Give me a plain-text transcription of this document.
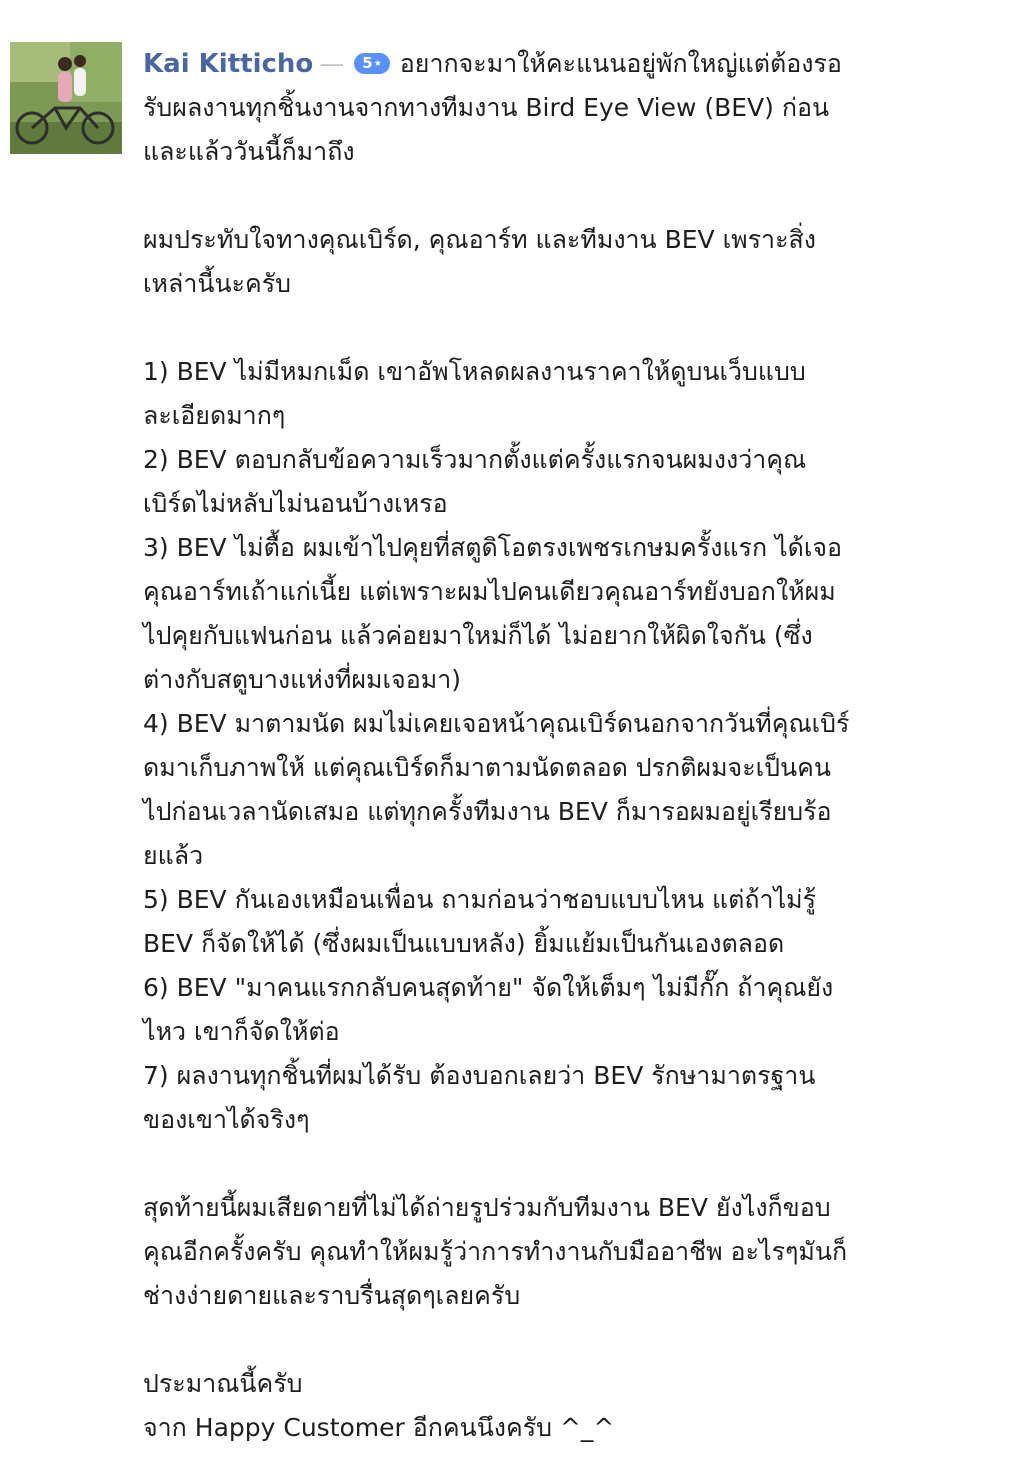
Kai Kitticho — 5★ อยากจะมาให้คะแนนอยู่พักใหญ่แต่ต้องรอ
รับผลงานทุกชิ้นงานจากทางทีมงาน Bird Eye View (BEV) ก่อน
และแล้ววันนี้ก็มาถึง
ผมประทับใจทางคุณเบิร์ด, คุณอาร์ท และทีมงาน BEV เพราะสิ่ง
เหล่านี้นะครับ
1) BEV ไม่มีหมกเม็ด เขาอัพโหลดผลงานราคาให้ดูบนเว็บแบบ
ละเอียดมากๆ
2) BEV ตอบกลับข้อความเร็วมากตั้งแต่ครั้งแรกจนผมงงว่าคุณ
เบิร์ดไม่หลับไม่นอนบ้างเหรอ
3) BEV ไม่ตื้อ ผมเข้าไปคุยที่สตูดิโอตรงเพชรเกษมครั้งแรก ได้เจอ
คุณอาร์ทเถ้าแก่เนี้ย แต่เพราะผมไปคนเดียวคุณอาร์ทยังบอกให้ผม
ไปคุยกับแฟนก่อน แล้วค่อยมาใหม่ก็ได้ ไม่อยากให้ผิดใจกัน (ซึ่ง
ต่างกับสตูบางแห่งที่ผมเจอมา)
4) BEV มาตามนัด ผมไม่เคยเจอหน้าคุณเบิร์ดนอกจากวันที่คุณเบิร์
ดมาเก็บภาพให้ แต่คุณเบิร์ดก็มาตามนัดตลอด ปรกติผมจะเป็นคน
ไปก่อนเวลานัดเสมอ แต่ทุกครั้งทีมงาน BEV ก็มารอผมอยู่เรียบร้อ
ยแล้ว
5) BEV กันเองเหมือนเพื่อน ถามก่อนว่าชอบแบบไหน แต่ถ้าไม่รู้
BEV ก็จัดให้ได้ (ซึ่งผมเป็นแบบหลัง) ยิ้มแย้มเป็นกันเองตลอด
6) BEV "มาคนแรกกลับคนสุดท้าย" จัดให้เต็มๆ ไม่มีกั๊ก ถ้าคุณยัง
ไหว เขาก็จัดให้ต่อ
7) ผลงานทุกชิ้นที่ผมได้รับ ต้องบอกเลยว่า BEV รักษามาตรฐาน
ของเขาได้จริงๆ
สุดท้ายนี้ผมเสียดายที่ไม่ได้ถ่ายรูปร่วมกับทีมงาน BEV ยังไงก็ขอบ
คุณอีกครั้งครับ คุณทำให้ผมรู้ว่าการทำงานกับมืออาชีพ อะไรๆมันก็
ช่างง่ายดายและราบรื่นสุดๆเลยครับ
ประมาณนี้ครับ
จาก Happy Customer อีกคนนึงครับ ^_^
